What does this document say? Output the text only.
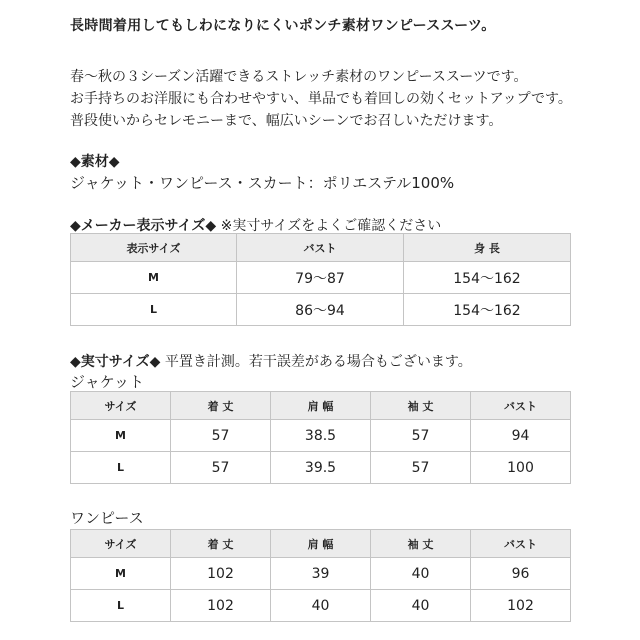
長時間着用してもしわになりにくいポンチ素材ワンピーススーツ。
春～秋の３シーズン活躍できるストレッチ素材のワンピーススーツです。
お手持ちのお洋服にも合わせやすい、単品でも着回しの効くセットアップです。
普段使いからセレモニーまで、幅広いシーンでお召しいただけます。
◆素材◆
ジャケット・ワンピース・スカート：ポリエステル100%
◆メーカー表示サイズ◆ ※実寸サイズをよくご確認ください
表示サイズ	バスト	身 長
M	79～87	154～162
L	86～94	154～162
◆実寸サイズ◆ 平置き計測。若干誤差がある場合もございます。
ジャケット
サイズ	着 丈	肩 幅	袖 丈	バスト
M	57	38.5	57	94
L	57	39.5	57	100
ワンピース
サイズ	着 丈	肩 幅	袖 丈	バスト
M	102	39	40	96
L	102	40	40	102
